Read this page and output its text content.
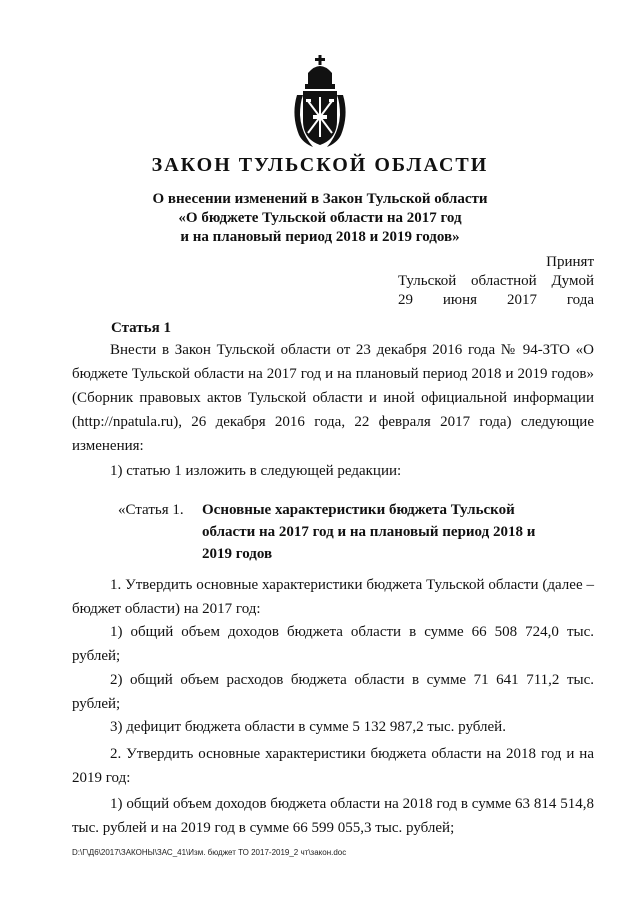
ЗАКОН ТУЛЬСКОЙ ОБЛАСТИ
О внесении изменений в Закон Тульской области
«О бюджете Тульской области на 2017 год
и на плановый период 2018 и 2019 годов»
Принят
Тульской областной Думой
29 июня 2017 года
Статья 1
Внести в Закон Тульской области от 23 декабря 2016 года № 94-ЗТО «О бюджете Тульской области на 2017 год и на плановый период 2018 и 2019 годов» (Сборник правовых актов Тульской области и иной официальной информации (http://npatula.ru), 26 декабря 2016 года, 22 февраля 2017 года) следующие изменения:
1) статью 1 изложить в следующей редакции:
«Статья 1. Основные характеристики бюджета Тульской области на 2017 год и на плановый период 2018 и 2019 годов
1. Утвердить основные характеристики бюджета Тульской области (далее – бюджет области) на 2017 год:
1) общий объем доходов бюджета области в сумме 66 508 724,0 тыс. рублей;
2) общий объем расходов бюджета области в сумме 71 641 711,2 тыс. рублей;
3) дефицит бюджета области в сумме 5 132 987,2 тыс. рублей.
2. Утвердить основные характеристики бюджета области на 2018 год и на 2019 год:
1) общий объем доходов бюджета области на 2018 год в сумме 63 814 514,8 тыс. рублей и на 2019 год в сумме 66 599 055,3 тыс. рублей;
D:\Г\Д6\2017\ЗАКОНЫ\ЗАС_41\Изм. бюджет ТО 2017-2019_2 чт\закон.doc
